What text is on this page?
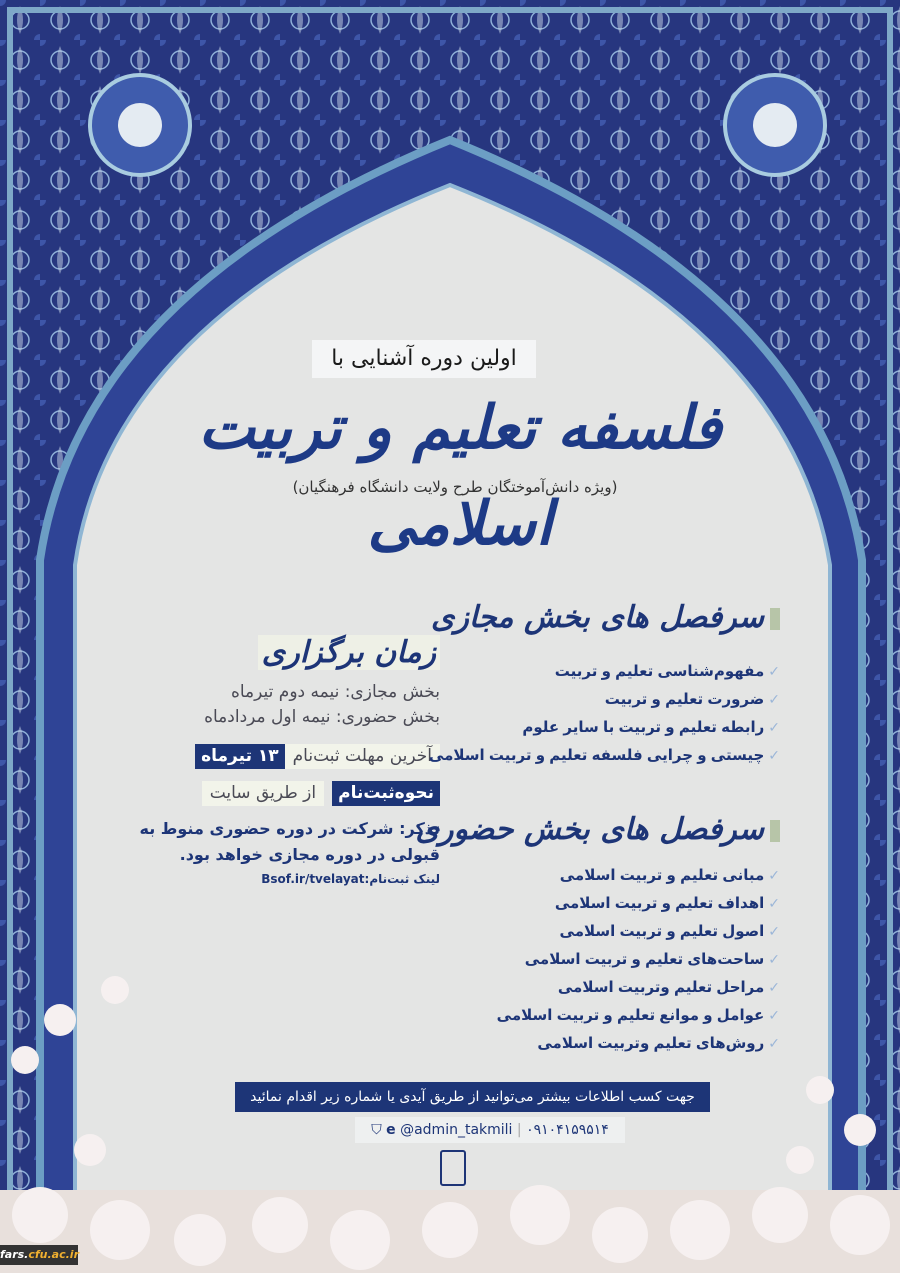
اولین دوره آشنایی با
فلسفه تعلیم و تربیت اسلامی
(ویژه دانش‌آموختگان طرح ولایت دانشگاه فرهنگیان)
زمان برگزاری
بخش مجازی: نیمه دوم تیرماه
بخش حضوری: نیمه اول مردادماه
آخرین مهلت ثبت‌نام۱۳ تیرماه
نحوه‌ثبت‌ناماز طریق سایت
تذکر: شرکت در دوره حضوری منوط به
قبولی در دوره مجازی خواهد بود.
لینک ثبت‌نام:Bsof.ir/tvelayat
سرفصل های بخش مجازی
✓مفهوم‌شناسی تعلیم و تربیت
✓ضرورت تعلیم و تربیت
✓رابطه تعلیم و تربیت با سایر علوم
✓چیستی و چرایی فلسفه تعلیم و تربیت اسلامی
سرفصل های بخش حضوری
✓مبانی تعلیم و تربیت اسلامی
✓اهداف تعلیم و تربیت اسلامی
✓اصول تعلیم و تربیت اسلامی
✓ساحت‌های تعلیم و تربیت اسلامی
✓مراحل تعلیم وتربیت اسلامی
✓عوامل و موانع تعلیم و تربیت اسلامی
✓روش‌های تعلیم وتربیت اسلامی
جهت کسب اطلاعات بیشتر می‌توانید از طریق آیدی یا شماره زیر اقدام نمائید
⛉ e @admin_takmili | ۰۹۱۰۴۱۵۹۵۱۴
fars.cfu.ac.ir
